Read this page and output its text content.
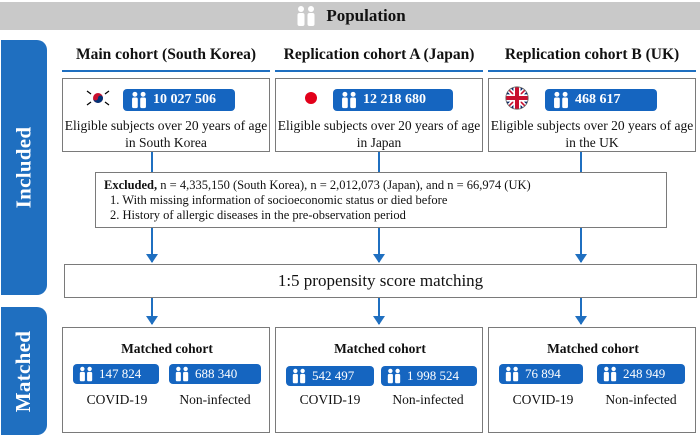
Population
Included
Matched
Main cohort (South Korea)	Replication cohort A (Japan)	Replication cohort B (UK)
10 027 506	12 218 680	468 617
Eligible subjects over 20 years of age
in South Korea
Eligible subjects over 20 years of age
in Japan
Eligible subjects over 20 years of age
in the UK
Excluded, n = 4,335,150 (South Korea), n = 2,012,073 (Japan), and n = 66,974 (UK)
1. With missing information of socioeconomic status or died before
2. History of allergic diseases in the pre-observation period
1:5 propensity score matching
Matched cohort	Matched cohort	Matched cohort
147 824	688 340
COVID-19	Non-infected
542 497	1 998 524
COVID-19	Non-infected
76 894	248 949
COVID-19	Non-infected
